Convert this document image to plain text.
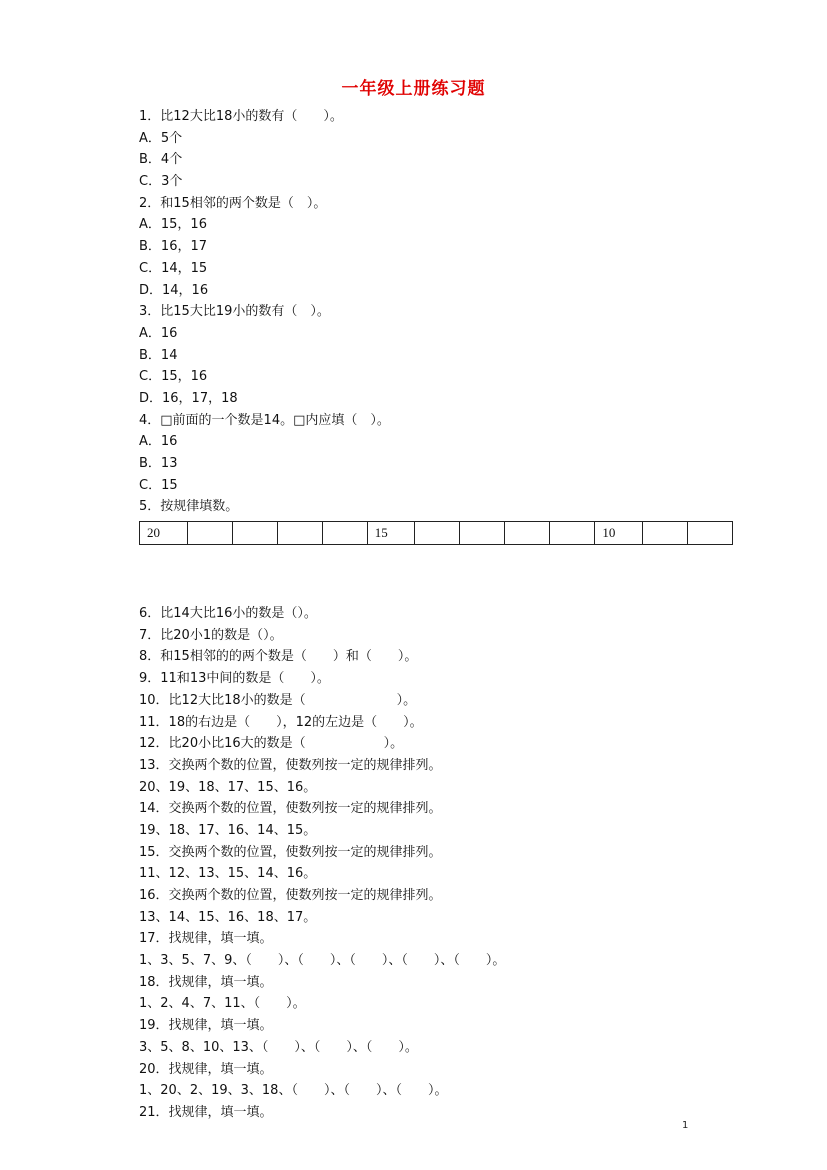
一年级上册练习题
1．比12大比18小的数有（　　）。
A．5个
B．4个
C．3个
2．和15相邻的两个数是（　）。
A．15，16
B．16，17
C．14，15
D．14，16
3．比15大比19小的数有（　）。
A．16
B．14
C．15，16
D．16，17，18
4．□前面的一个数是14。□内应填（　）。
A．16
B．13
C．15
5．按规律填数。
20					15					10		
6．比14大比16小的数是（）。
7．比20小1的数是（）。
8．和15相邻的的两个数是（　　）和（　　）。
9．11和13中间的数是（　　）。
10．比12大比18小的数是（　　　　　　　）。
11．18的右边是（　　），12的左边是（　　）。
12．比20小比16大的数是（　　　　　　）。
13．交换两个数的位置，使数列按一定的规律排列。
20、19、18、17、15、16。
14．交换两个数的位置，使数列按一定的规律排列。
19、18、17、16、14、15。
15．交换两个数的位置，使数列按一定的规律排列。
11、12、13、15、14、16。
16．交换两个数的位置，使数列按一定的规律排列。
13、14、15、16、18、17。
17．找规律，填一填。
1、3、5、7、9、（　　）、（　　）、（　　）、（　　）、（　　）。
18．找规律，填一填。
1、2、4、7、11、（　　）。
19．找规律，填一填。
3、5、8、10、13、（　　）、（　　）、（　　）。
20．找规律，填一填。
1、20、2、19、3、18、（　　）、（　　）、（　　）。
21．找规律，填一填。
1
